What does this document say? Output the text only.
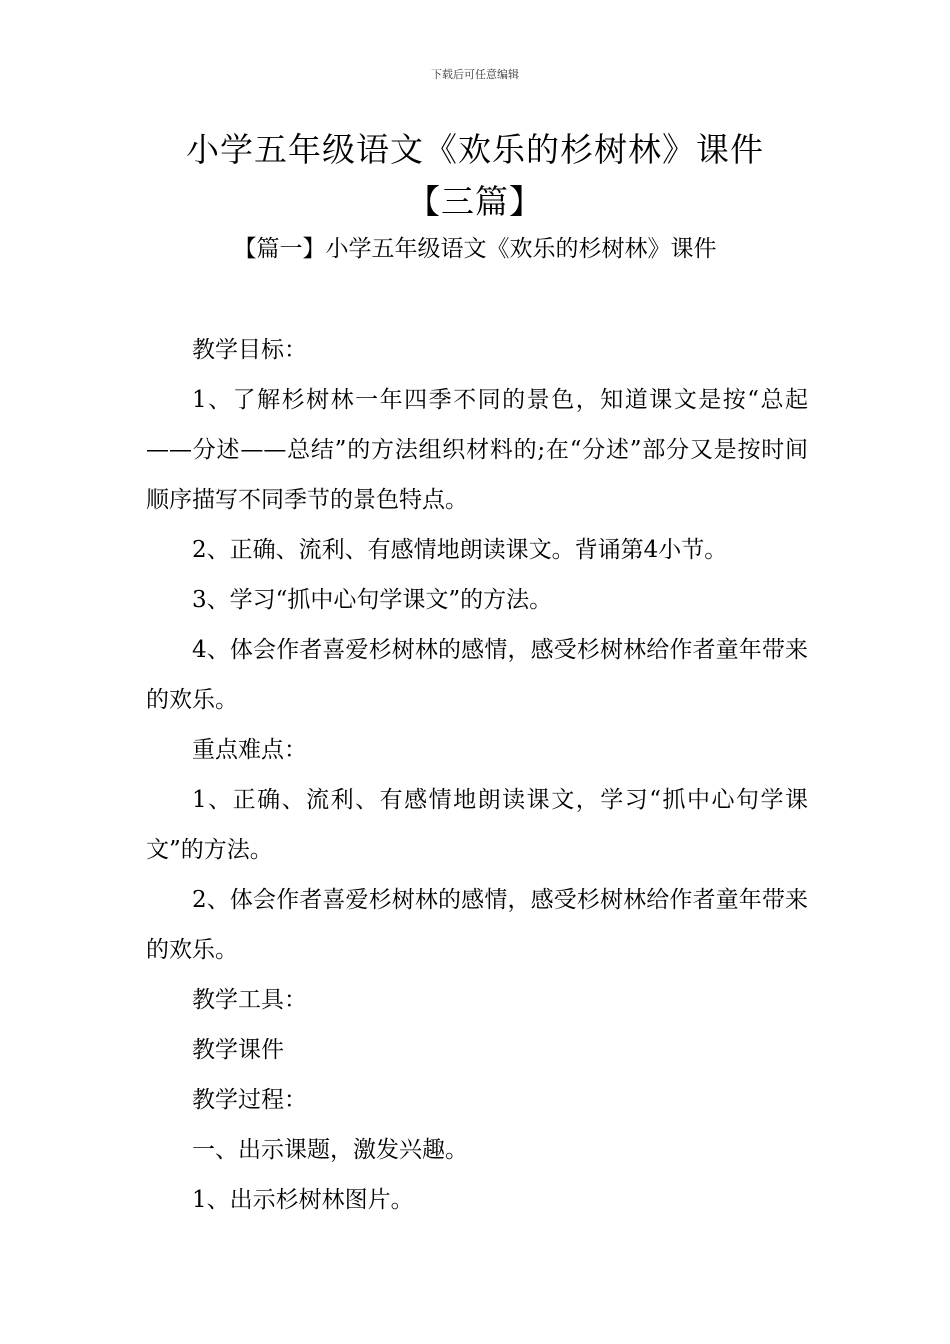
下载后可任意编辑
小学五年级语文《欢乐的杉树林》课件
【三篇】
【篇一】小学五年级语文《欢乐的杉树林》课件

教学目标：

1、了解杉树林一年四季不同的景色，知道课文是按“总起——分述——总结”的方法组织材料的;在“分述”部分又是按时间顺序描写不同季节的景色特点。

2、正确、流利、有感情地朗读课文。背诵第4小节。

3、学习“抓中心句学课文”的方法。

4、体会作者喜爱杉树林的感情，感受杉树林给作者童年带来的欢乐。

重点难点：

1、正确、流利、有感情地朗读课文，学习“抓中心句学课文”的方法。

2、体会作者喜爱杉树林的感情，感受杉树林给作者童年带来的欢乐。

教学工具：

教学课件

教学过程：

一、出示课题，激发兴趣。

1、出示杉树林图片。
